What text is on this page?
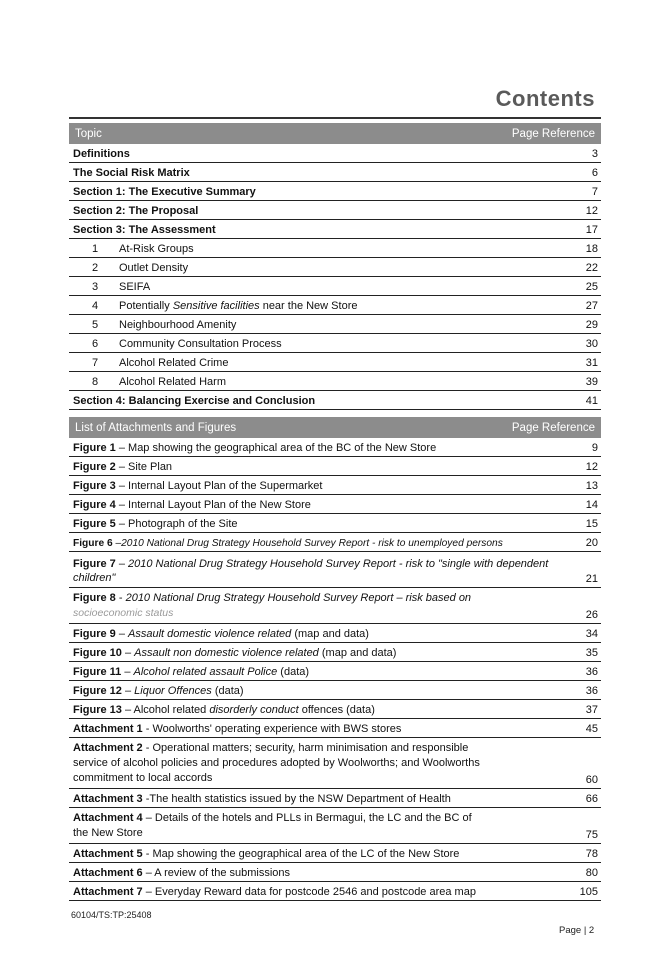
Contents
Topic	Page Reference
Definitions	3
The Social Risk Matrix	6
Section 1: The Executive Summary	7
Section 2: The Proposal	12
Section 3: The Assessment	17
1	At-Risk Groups	18
2	Outlet Density	22
3	SEIFA	25
4	Potentially Sensitive facilities near the New Store	27
5	Neighbourhood Amenity	29
6	Community Consultation Process	30
7	Alcohol Related Crime	31
8	Alcohol Related Harm	39
Section 4: Balancing Exercise and Conclusion	41
List of Attachments and Figures	Page Reference
Figure 1 – Map showing the geographical area of the BC of the New Store	9
Figure 2 – Site Plan	12
Figure 3 – Internal Layout Plan of the Supermarket	13
Figure 4 – Internal Layout Plan of the New Store	14
Figure 5 – Photograph of the Site	15
Figure 6 –2010 National Drug Strategy Household Survey Report - risk to unemployed persons	20
Figure 7 – 2010 National Drug Strategy Household Survey Report - risk to "single with dependent children"	21
Figure 8 - 2010 National Drug Strategy Household Survey Report – risk based on
socioeconomic status	26
Figure 9 – Assault domestic violence related (map and data)	34
Figure 10 – Assault non domestic violence related (map and data)	35
Figure 11 – Alcohol related assault Police (data)	36
Figure 12 – Liquor Offences (data)	36
Figure 13 – Alcohol related disorderly conduct offences (data)	37
Attachment 1 - Woolworths' operating experience with BWS stores	45
Attachment 2 - Operational matters; security, harm minimisation and responsible service of alcohol policies and procedures adopted by Woolworths; and Woolworths commitment to local accords	60
Attachment 3 -The health statistics issued by the NSW Department of Health	66
Attachment 4 – Details of the hotels and PLLs in Bermagui, the LC and the BC of the New Store	75
Attachment 5 - Map showing the geographical area of the LC of the New Store	78
Attachment 6 – A review of the submissions	80
Attachment 7 – Everyday Reward data for postcode 2546 and postcode area map	105
60104/TS:TP:25408
Page | 2
